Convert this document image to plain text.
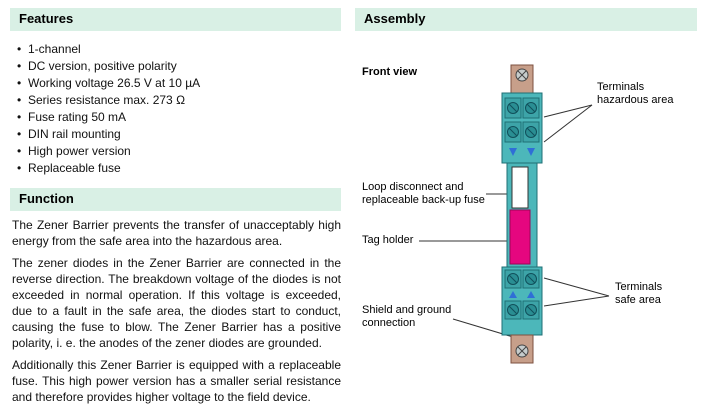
Features
• 1-channel
• DC version, positive polarity
• Working voltage 26.5 V at 10 µA
• Series resistance max. 273 Ω
• Fuse rating 50 mA
• DIN rail mounting
• High power version
• Replaceable fuse
Function

The Zener Barrier prevents the transfer of unacceptably high energy from the safe area into the hazardous area.

The zener diodes in the Zener Barrier are connected in the reverse direction. The breakdown voltage of the diodes is not exceeded in normal operation. If this voltage is exceeded, due to a fault in the safe area, the diodes start to conduct, causing the fuse to blow. The Zener Barrier has a positive polarity, i. e. the anodes of the zener diodes are grounded.

Additionally this Zener Barrier is equipped with a replaceable fuse. This high power version has a smaller serial resistance and therefore provides higher voltage to the field device.

Assembly
Front view
Terminals
hazardous area
Loop disconnect and
replaceable back-up fuse
Tag holder
Terminals
safe area
Shield and ground
connection
